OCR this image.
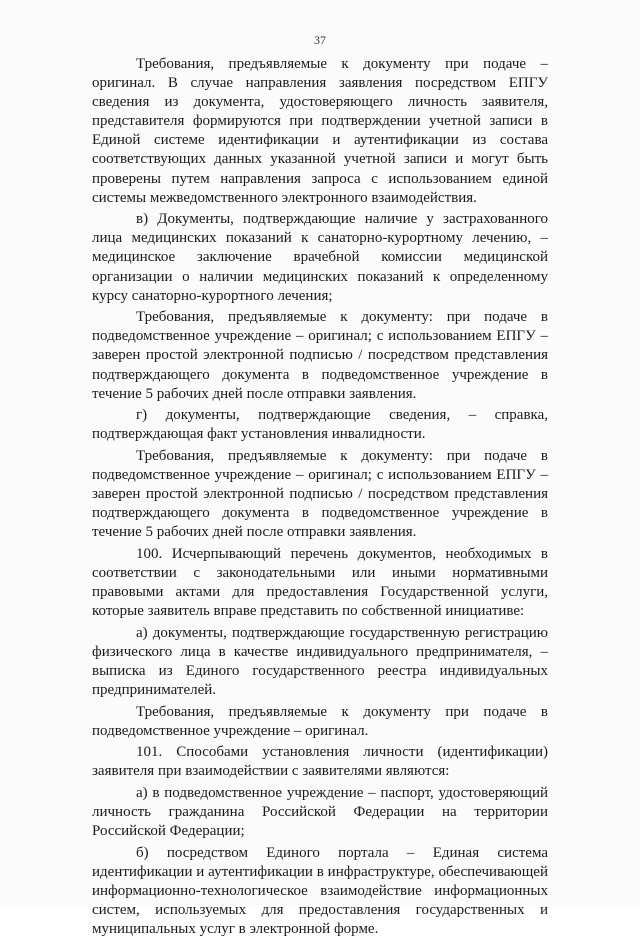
37

Требования, предъявляемые к документу при подаче – оригинал. В случае направления заявления посредством ЕПГУ сведения из документа, удостоверяющего личность заявителя, представителя формируются при подтверждении учетной записи в Единой системе идентификации и аутентификации из состава соответствующих данных указанной учетной записи и могут быть проверены путем направления запроса с использованием единой системы межведомственного электронного взаимодействия.

в) Документы, подтверждающие наличие у застрахованного лица медицинских показаний к санаторно-курортному лечению, – медицинское заключение врачебной комиссии медицинской организации о наличии медицинских показаний к определенному курсу санаторно-курортного лечения;

Требования, предъявляемые к документу: при подаче в подведомственное учреждение – оригинал; с использованием ЕПГУ – заверен простой электронной подписью / посредством представления подтверждающего документа в подведомственное учреждение в течение 5 рабочих дней после отправки заявления.

г) документы, подтверждающие сведения, – справка, подтверждающая факт установления инвалидности.

Требования, предъявляемые к документу: при подаче в подведомственное учреждение – оригинал; с использованием ЕПГУ – заверен простой электронной подписью / посредством представления подтверждающего документа в подведомственное учреждение в течение 5 рабочих дней после отправки заявления.

100. Исчерпывающий перечень документов, необходимых в соответствии с законодательными или иными нормативными правовыми актами для предоставления Государственной услуги, которые заявитель вправе представить по собственной инициативе:

а) документы, подтверждающие государственную регистрацию физического лица в качестве индивидуального предпринимателя, – выписка из Единого государственного реестра индивидуальных предпринимателей.

Требования, предъявляемые к документу при подаче в подведомственное учреждение – оригинал.

101. Способами установления личности (идентификации) заявителя при взаимодействии с заявителями являются:

а) в подведомственное учреждение – паспорт, удостоверяющий личность гражданина Российской Федерации на территории Российской Федерации;

б) посредством Единого портала – Единая система идентификации и аутентификации в инфраструктуре, обеспечивающей информационно-технологическое взаимодействие информационных систем, используемых для предоставления государственных и муниципальных услуг в электронной форме.
